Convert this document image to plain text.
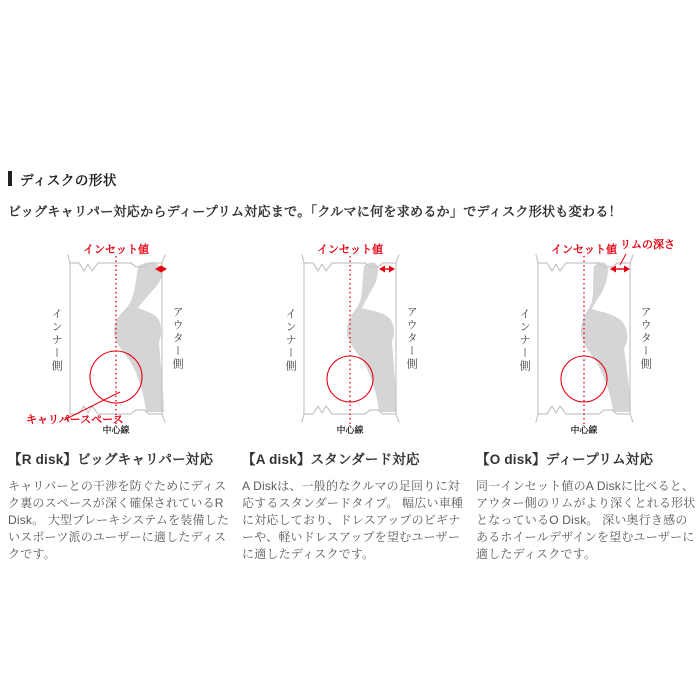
ディスクの形状

ビッグキャリパー対応からディープリム対応まで。「クルマに何を求めるか」でディスク形状も変わる！

インセット値
インナー側	アウター側
キャリパースペース
中心線
【R disk】ビッグキャリパー対応

キャリパーとの干渉を防ぐためにディスク裏のスペースが深く確保されているR Disk。 大型ブレーキシステムを装備したいスポーツ派のユーザーに適したディスクです。

インセット値
インナー側	アウター側
中心線
【A disk】スタンダード対応

A Diskは、一般的なクルマの足回りに対応するスタンダードタイプ。 幅広い車種に対応しており、ドレスアップのビギナーや、軽いドレスアップを望むユーザーに適したディスクです。

インセット値 リムの深さ
インナー側	アウター側
中心線
【O disk】ディープリム対応

同一インセット値のA Diskに比べると、アウター側のリムがより深くとれる形状となっているO Disk。 深い奥行き感のあるホイールデザインを望むユーザーに適したディスクです。
